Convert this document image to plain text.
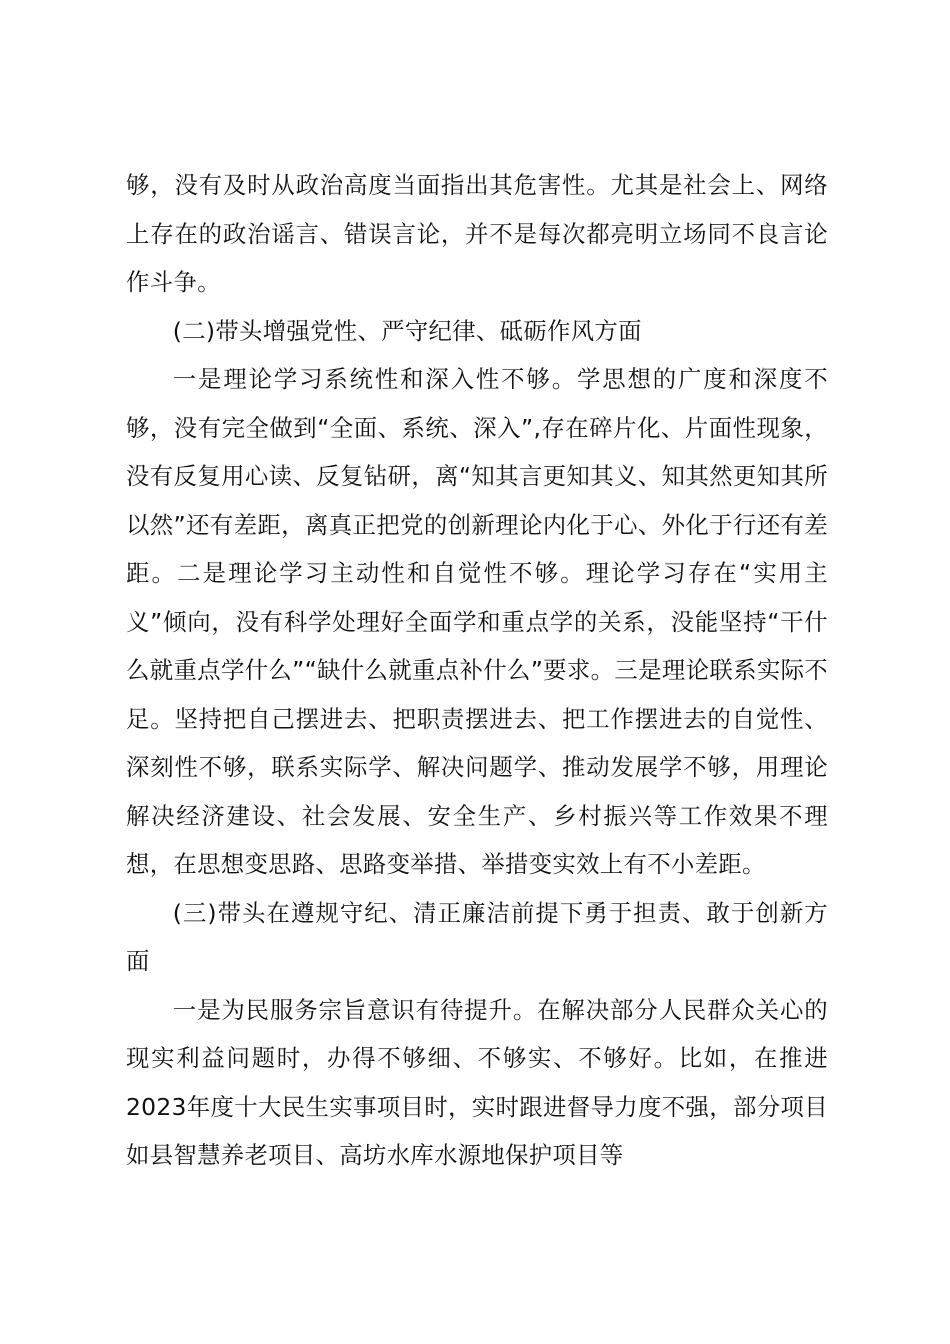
够，没有及时从政治高度当面指出其危害性。尤其是社会上、网络上存在的政治谣言、错误言论，并不是每次都亮明立场同不良言论作斗争。

(二)带头增强党性、严守纪律、砥砺作风方面

一是理论学习系统性和深入性不够。学思想的广度和深度不够，没有完全做到“全面、系统、深入”,存在碎片化、片面性现象，没有反复用心读、反复钻研，离“知其言更知其义、知其然更知其所以然”还有差距，离真正把党的创新理论内化于心、外化于行还有差距。二是理论学习主动性和自觉性不够。理论学习存在“实用主义”倾向，没有科学处理好全面学和重点学的关系，没能坚持“干什么就重点学什么”“缺什么就重点补什么”要求。三是理论联系实际不足。坚持把自己摆进去、把职责摆进去、把工作摆进去的自觉性、深刻性不够，联系实际学、解决问题学、推动发展学不够，用理论解决经济建设、社会发展、安全生产、乡村振兴等工作效果不理想，在思想变思路、思路变举措、举措变实效上有不小差距。

(三)带头在遵规守纪、清正廉洁前提下勇于担责、敢于创新方面

一是为民服务宗旨意识有待提升。在解决部分人民群众关心的现实利益问题时，办得不够细、不够实、不够好。比如，在推进2023年度十大民生实事项目时，实时跟进督导力度不强，部分项目如县智慧养老项目、高坊水库水源地保护项目等
